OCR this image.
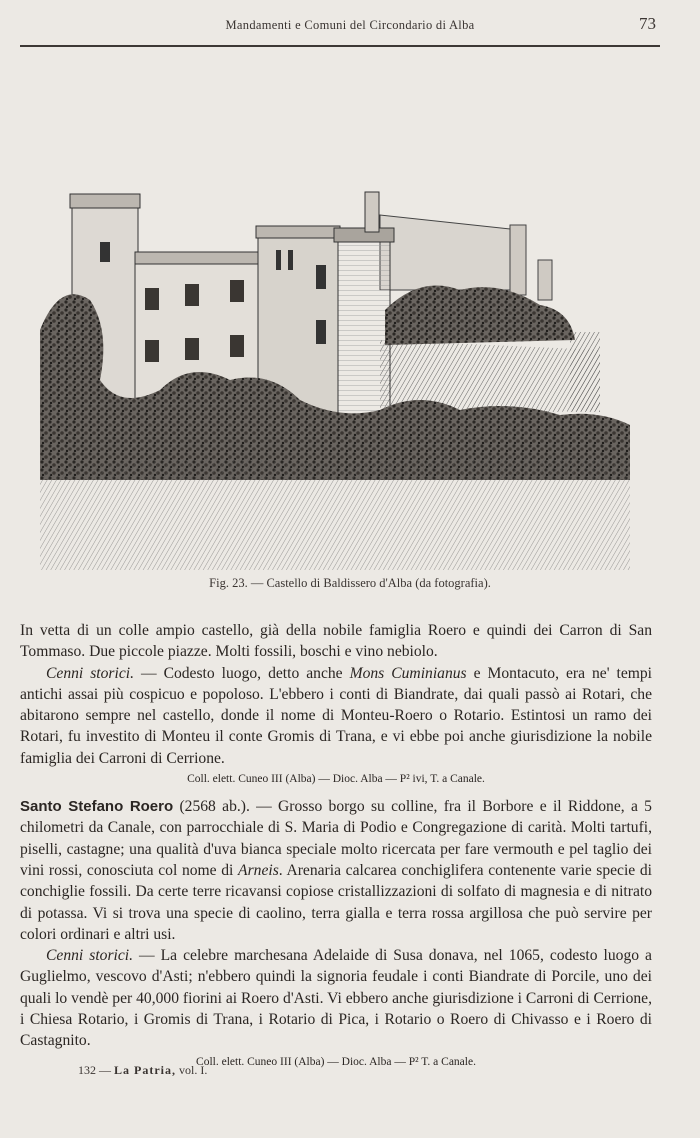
Mandamenti e Comuni del Circondario di Alba	73
Fig. 23. — Castello di Baldissero d'Alba (da fotografia).

In vetta di un colle ampio castello, già della nobile famiglia Roero e quindi dei Carron di San Tommaso. Due piccole piazze. Molti fossili, boschi e vino nebiolo.

Cenni storici. — Codesto luogo, detto anche Mons Cuminianus e Montacuto, era ne' tempi antichi assai più cospicuo e popoloso. L'ebbero i conti di Biandrate, dai quali passò ai Rotari, che abitarono sempre nel castello, donde il nome di Monteu-Roero o Rotario. Estintosi un ramo dei Rotari, fu investito di Monteu il conte Gromis di Trana, e vi ebbe poi anche giurisdizione la nobile famiglia dei Carroni di Cerrione.

Coll. elett. Cuneo III (Alba) — Dioc. Alba — P² ivi, T. a Canale.

Santo Stefano Roero (2568 ab.). — Grosso borgo su colline, fra il Borbore e il Riddone, a 5 chilometri da Canale, con parrocchiale di S. Maria di Podio e Congregazione di carità. Molti tartufi, piselli, castagne; una qualità d'uva bianca speciale molto ricercata per fare vermouth e pel taglio dei vini rossi, conosciuta col nome di Arneis. Arenaria calcarea conchiglifera contenente varie specie di conchiglie fossili. Da certe terre ricavansi copiose cristallizzazioni di solfato di magnesia e di nitrato di potassa. Vi si trova una specie di caolino, terra gialla e terra rossa argillosa che può servire per colori ordinari e altri usi.

Cenni storici. — La celebre marchesana Adelaide di Susa donava, nel 1065, codesto luogo a Guglielmo, vescovo d'Asti; n'ebbero quindi la signoria feudale i conti Biandrate di Porcile, uno dei quali lo vendè per 40,000 fiorini ai Roero d'Asti. Vi ebbero anche giurisdizione i Carroni di Cerrione, i Chiesa Rotario, i Gromis di Trana, i Rotario di Pica, i Rotario o Roero di Chivasso e i Roero di Castagnito.

Coll. elett. Cuneo III (Alba) — Dioc. Alba — P² T. a Canale.
132 — La Patria, vol. I.
